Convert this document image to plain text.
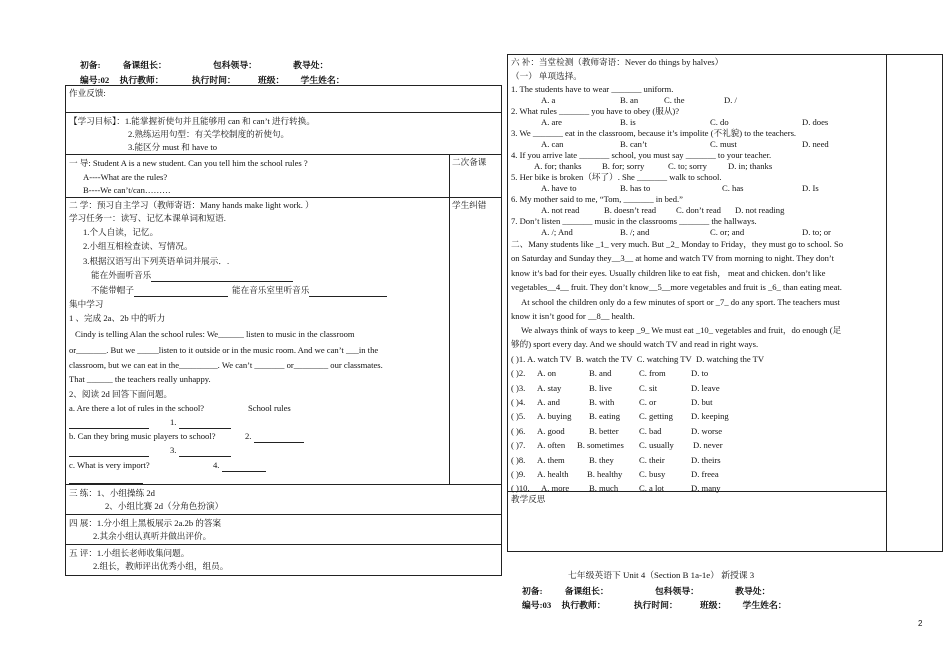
初备:	备课组长：	包科领导：	教导处：
编号:02 执行教师：	执行时间：	班级： 学生姓名：
作业反馈:
【学习目标】：1.能掌握祈使句并且能够用 can 和 can’t 进行转换。
2.熟练运用句型：有关学校制度的祈使句。
3.能区分 must 和 have to
一 导: Student A is a new student. Can you tell him the school rules ?	二次备课
A----What are the rules?
B----We can’t/can………
二 学：预习自主学习（教师寄语：Many hands make light work. ）	学生纠错
学习任务一：读写、记忆本课单词和短语.
1.个人自读，记忆。
2.小组互相检查读、写情况。
3.根据汉语写出下列英语单词并展示．.
能在外面听音乐
不能带帽子	能在音乐室里听音乐
集中学习
1 、完成 2a、2b 中的听力
Cindy is telling Alan the school rules: We______ listen to music in the classroom
or_______. But we _____listen to it outside or in the music room. And we can’t ___in the
classroom, but we can eat in the_________. We can’t _______ or________ our classmates.
That ______ the teachers really unhappy.
2、阅读 2d 回答下面问题。
a. Are there a lot of rules in the school?	School rules

1.
b. Can they bring music players to school?	2.

3.
c. What is very import?	4.

三 练：1、小组操练 2d
2、小组比赛 2d（分角色扮演）
四 展：1.分小组上黑板展示 2a.2b 的答案
2.其余小组认真听并做出评价。
五 评：1.小组长老师收集问题。
2.组长，教师评出优秀小组，组员。
六 补：当堂检测（教师寄语：Never do things by halves）
（一） 单项选择。
1. The students have to wear _______ uniform.
A. a	B. an	C. the	D. /
2. What rules _______ you have to obey (服从)?
A. are	B. is	C. do	D. does
3. We _______ eat in the classroom, because it’s impolite (不礼貌) to the teachers.
A. can	B. can’t	C. must	D. need
4. If you arrive late _______ school, you must say _______ to your teacher.
A. for; thanks B. for; sorry	C. to; sorry D. in; thanks
5. Her bike is broken（坏了）. She _______ walk to school.
A. have to	B. has to	C. has	D. Is
6. My mother said to me, “Tom, _______ in bed.”
A. not read	B. doesn’t read C. don’t read D. not reading
7. Don’t listen _______ music in the classrooms _______ the hallways.
A. /; And	B. /; and	C. or; and	D. to; or
二、Many students like _1_ very much. But _2_ Monday to Friday，they must go to school. So
on Saturday and Sunday they__3__ at home and watch TV from morning to night. They don’t
know it’s bad for their eyes. Usually children like to eat fish， meat and chicken. don’t like
vegetables__4__ fruit. They don’t know__5__more vegetables and fruit is _6_ than eating meat.
At school the children only do a few minutes of sport or _7_ do any sport. The teachers must
know it isn’t good for __8__ health.
We always think of ways to keep _9_ We must eat _10_ vegetables and fruit，do enough (足
够的) sport every day. And we should watch TV and read in right ways.
( )1. A. watch TV B. watch the TV C. watching TV D. watching the TV
( )2. A. on	B. and	C. from	D. to
( )3. A. stay	B. live	C. sit	D. leave
( )4. A. and	B. with	C. or	D. but
( )5. A. buying B. eating C. getting D. keeping
( )6. A. good	B. better C. bad	D. worse
( )7. A. often B. sometimes C. usually D. never
( )8. A. them	B. they	C. their	D. theirs
( )9. A. health B. healthy C. busy	D. freea
( )10. A. more B. much C. a lot	D. many
教学反思
七年级英语下 Unit 4（Section B 1a-1e） 新授课 3
初备:	备课组长：	包科领导：	教导处：
编号:03 执行教师：	执行时间：	班级： 学生姓名：
2
